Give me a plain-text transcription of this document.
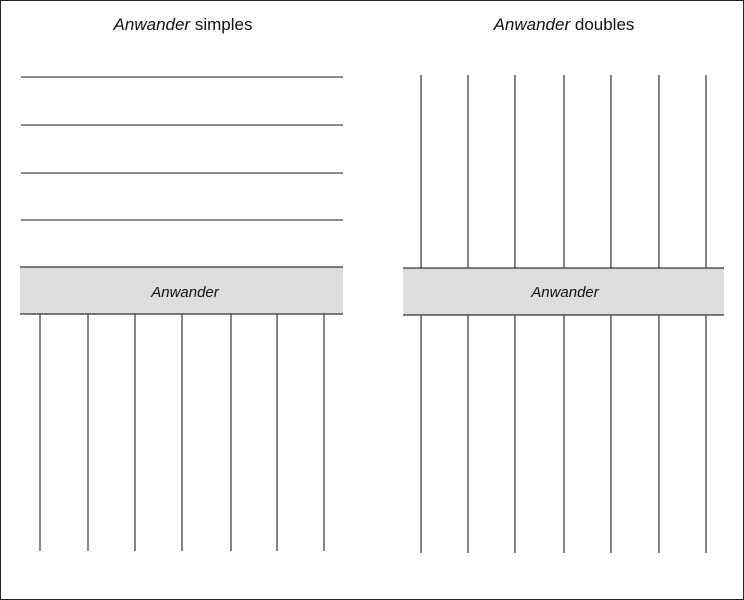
Anwander simples	Anwander doubles
Anwander	Anwander
